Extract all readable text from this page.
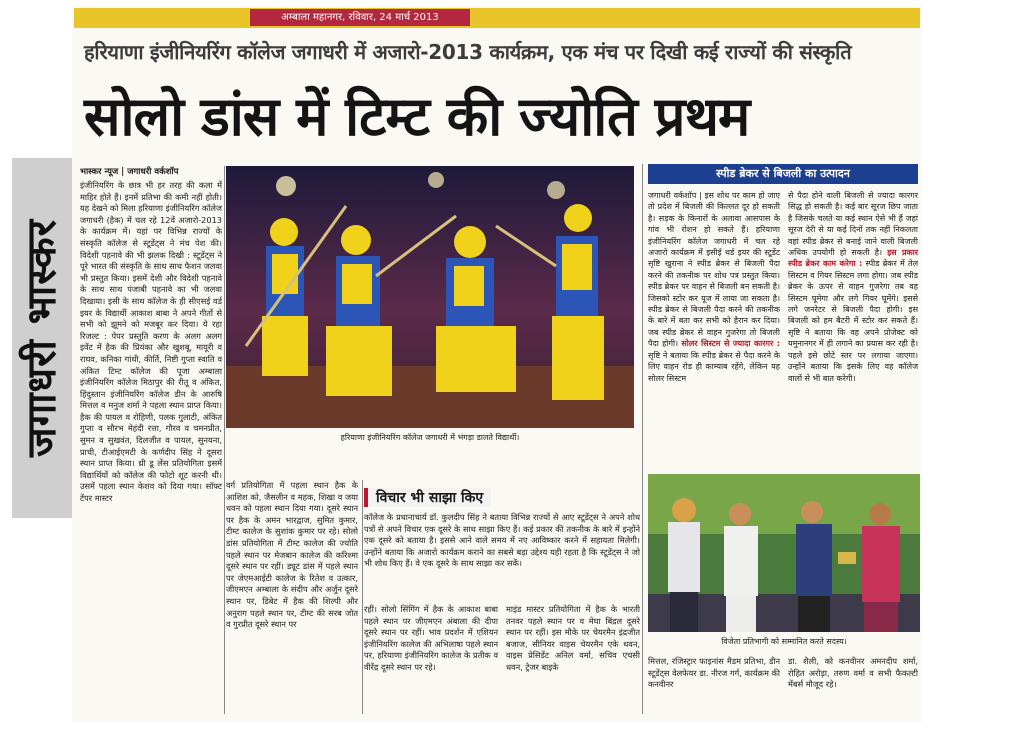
अम्बाला महानगर, रविवार, 24 मार्च 2013
हरियाणा इंजीनियरिंग कॉलेज जगाधरी में अजारो-2013 कार्यक्रम, एक मंच पर दिखी कई राज्यों की संस्कृति
सोलो डांस में टिम्ट की ज्योति प्रथम
जगाधरी भास्कर
भास्कर न्यूज | जगाधरी वर्कशॉप
इंजीनियरिंग के छात्र भी हर तरह की कला में माहिर होते हैं। इनमें प्रतिभा की कमी नहीं होती। यह देखने को मिला हरियाणा इंजीनियरिंग कॉलेज जगाधरी (हैक) में चल रहे 12वें अजारो-2013 के कार्यक्रम में। यहां पर विभिन्न राज्यों के संस्कृति कॉलेज से स्टूडेंट्स ने मंच पेश की। विदेशी पहनावे की भी झलक दिखी : स्टूडेंट्स ने पूरे भारत की संस्कृति के साथ साथ फैशन जलवा भी प्रस्तुत किया। इसमें देशी और विदेशी पहनावे के साथ साथ पंजाबी पहनावे का भी जलवा दिखाया। इसी के साथ कॉलेज के ही सीएसई वर्ड इयर के विद्यार्थी आकाश बाबा ने अपने गीतों से सभी को झूमने को मजबूर कर दिया। ये रहा रिजल्ट : पेपर प्रस्तुति करण के अलग अलग इवेंट में हैक की प्रियंका और खुशबू, मायूरी व राघव, कनिका गांधी, कीर्ति, निष्टी गुप्ता स्वाति व अंकित टिम्ट कॉलेज की पूजा अम्बाला इंजीनियरिंग कॉलेज मिठापुर की रीतू व अंकित, हिंदुस्तान इंजीनियरिंग कॉलेज डीन के आरुषि मित्तल व मनुज शर्मा ने पहला स्थान प्राप्त किया। हैक की पायल व रोहिणी, पलक गुलाटी, अंकित गुप्ता व सौरभ मेहंदी रत्ता, गौरव व चमनप्रीत, सुमन व सुखवंत, दिलजीत व पायल, सुनयना, प्राची, टीआईएमटी के कर्णदीप सिंह ने दूसरा स्थान प्राप्त किया। थ्री डू लेंस प्रतियोगिता इसमें विद्यार्थियों को कॉलेज की फोटो शूट करनी थी। उसमें पहला स्थान केशव को दिया गया। सॉफ्ट टेंपर मास्टर
हरियाणा इंजीनियरिंग कॉलेज जगाधरी में भंगड़ा डालते विद्यार्थी।
स्पीड ब्रेकर से बिजली का उत्पादन
जगाधरी वर्कशॉप | इस शोध पर काम हो जाए तो प्रदेश में बिजली की किल्लत दूर हो सकती है। सड़क के किनारों के अलावा आसपास के गांव भी रोशन हो सकते हैं। हरियाणा इंजीनियरिंग कॉलेज जगाधरी में चल रहे अजारो कार्यक्रम में इसीई थर्ड इयर की स्टूडेंट सृष्टि खुराना ने स्पीड ब्रेकर से बिजली पैदा करने की तकनीक पर शोध पत्र प्रस्तुत किया। स्पीड ब्रेकर पर वाहन से बिजली बन सकती है। जिसको स्टोर कर यूज में लाया जा सकता है। स्पीड ब्रेकर से बिजली पैदा करने की तकनीक के बारे में बता कर सभी को हैरान कर दिया। जब स्पीड ब्रेकर से वाहन गुजरेगा तो बिजली पैदा होगी। सोलर सिस्टम से ज्यादा कारगर : सृष्टि ने बताया कि स्पीड ब्रेकर से पैदा करने के लिए वाहन रोड ही काम्याब रहेंगे, लेकिन यह सोलर सिस्टम
से पैदा होने वाली बिजली से ज्यादा कारगर सिद्ध हो सकती है। कई बार सूरज छिप जाता है जिसके चलते या कई स्थान ऐसे भी हैं जहां सूरज देरी से या कई दिनों तक नहीं निकलता वहां स्पीड ब्रेकर से बनाई जाने वाली बिजली अधिक उपयोगी हो सकती है। इस प्रकार स्पीड ब्रेकर काम करेगा : स्पीड ब्रेकर में तेल सिस्टम व गियर सिस्टम लगा होगा। जब स्पीड ब्रेकर के ऊपर से वाहन गुजरेगा तब वह सिस्टम घूमेगा और लगे गियर घूमेंगे। इससे लगे जनरेटर से बिजली पैदा होगी। इस बिजली को हम बैटरी में स्टोर कर सकते हैं। सृष्टि ने बताया कि वह अपने प्रोजेक्ट को यमुनानगर में ही लगाने का प्रयास कर रही है। पहले इसे छोटे स्तर पर लगाया जाएगा। उन्होंने बताया कि इसके लिए वह कॉलेज वालों से भी बात करेगी।
वर्ग प्रतियोगिता में पहला स्थान हैक के आशिश को, जैसलीन व महक, शिखा व जया धवन को पहला स्थान दिया गया। दूसरे स्थान पर हैक के अमन भारद्वाज, सुमित कुमार, टीम्ट कालेज के सुशांक कुमार पर रहे। सोलो डांस प्रतियोगिता में टीम्ट कालेज की ज्योति पहले स्थान पर मेजबान कालेज की करिश्मा दूसरे स्थान पर रहीं। ड्यूट डांस में पहले स्थान पर जेएमआईटी कालेज के रितेश व उत्कार, जीएमएन अम्बाला के संदीप और अर्जुन दूसरे स्थान पर, डिबेट में हैक की शिल्पी और अनुराग पहले स्थान पर, टीम्ट की सरब जोत व गुरप्रीत दूसरे स्थान पर
विचार भी साझा किए
कॉलेज के प्रधानाचार्य डॉ. कुलदीप सिंह ने बताया विभिन्न राज्यों से आए स्टूडेंट्स ने अपने शोध पत्रों से अपने विचार एक दूसरे के साथ साझा किए हैं। कई प्रकार की तकनीक के बारे में इन्होंने एक दूसरे को बताया है। इससे आने वाले समय में नए आविष्कार करने में सहायता मिलेगी। उन्होंने बताया कि अजारो कार्यक्रम कराने का सबसे बड़ा उद्देश्य यही रहता है कि स्टूडेंट्स ने जो भी शोध किए हैं। वे एक दूसरे के साथ साझा कर सकें।
रहीं। सोलो सिंगिंग में हैक के आकाश बाबा पहले स्थान पर जीएमएन अंबाला की दीपा दूसरे स्थान पर रहीं। भाव प्रदर्शन में एशियन इंजीनियरिंग कालेज की अभिलाषा पहले स्थान पर, हरियाणा इंजीनियरिंग कालेज के प्रतीक व वीरेंद्र दूसरे स्थान पर रहे।
माइंड मास्टर प्रतियोगिता में हैक के भारती तनवर पहले स्थान पर व मेघा बिंद्रल दूसरे स्थान पर रहीं। इस मौके पर चेयरमैन इंद्रजीत बजाज, सीनियर वाइस चेयरमैन एके धवन, वाइस प्रेसिडेंट अनिल वर्मा, सचिव एचसी धवन, ट्रेजर बाइके
विजेता प्रतिभागी को सम्मानित करते सदस्य।
मित्तल, रजिस्ट्रार फाइनांस मैडम प्रतिभा, डीन स्टूडेंट्स वेलफेयर डा. नीरज गर्ग, कार्यक्रम की कनवीनर
डा. शैली, को कनवीनर अमनदीप शर्मा, रोहित अरोड़ा, तरुण वर्मा व सभी फैकल्टी मेंबर्स मौजूद रहे।
